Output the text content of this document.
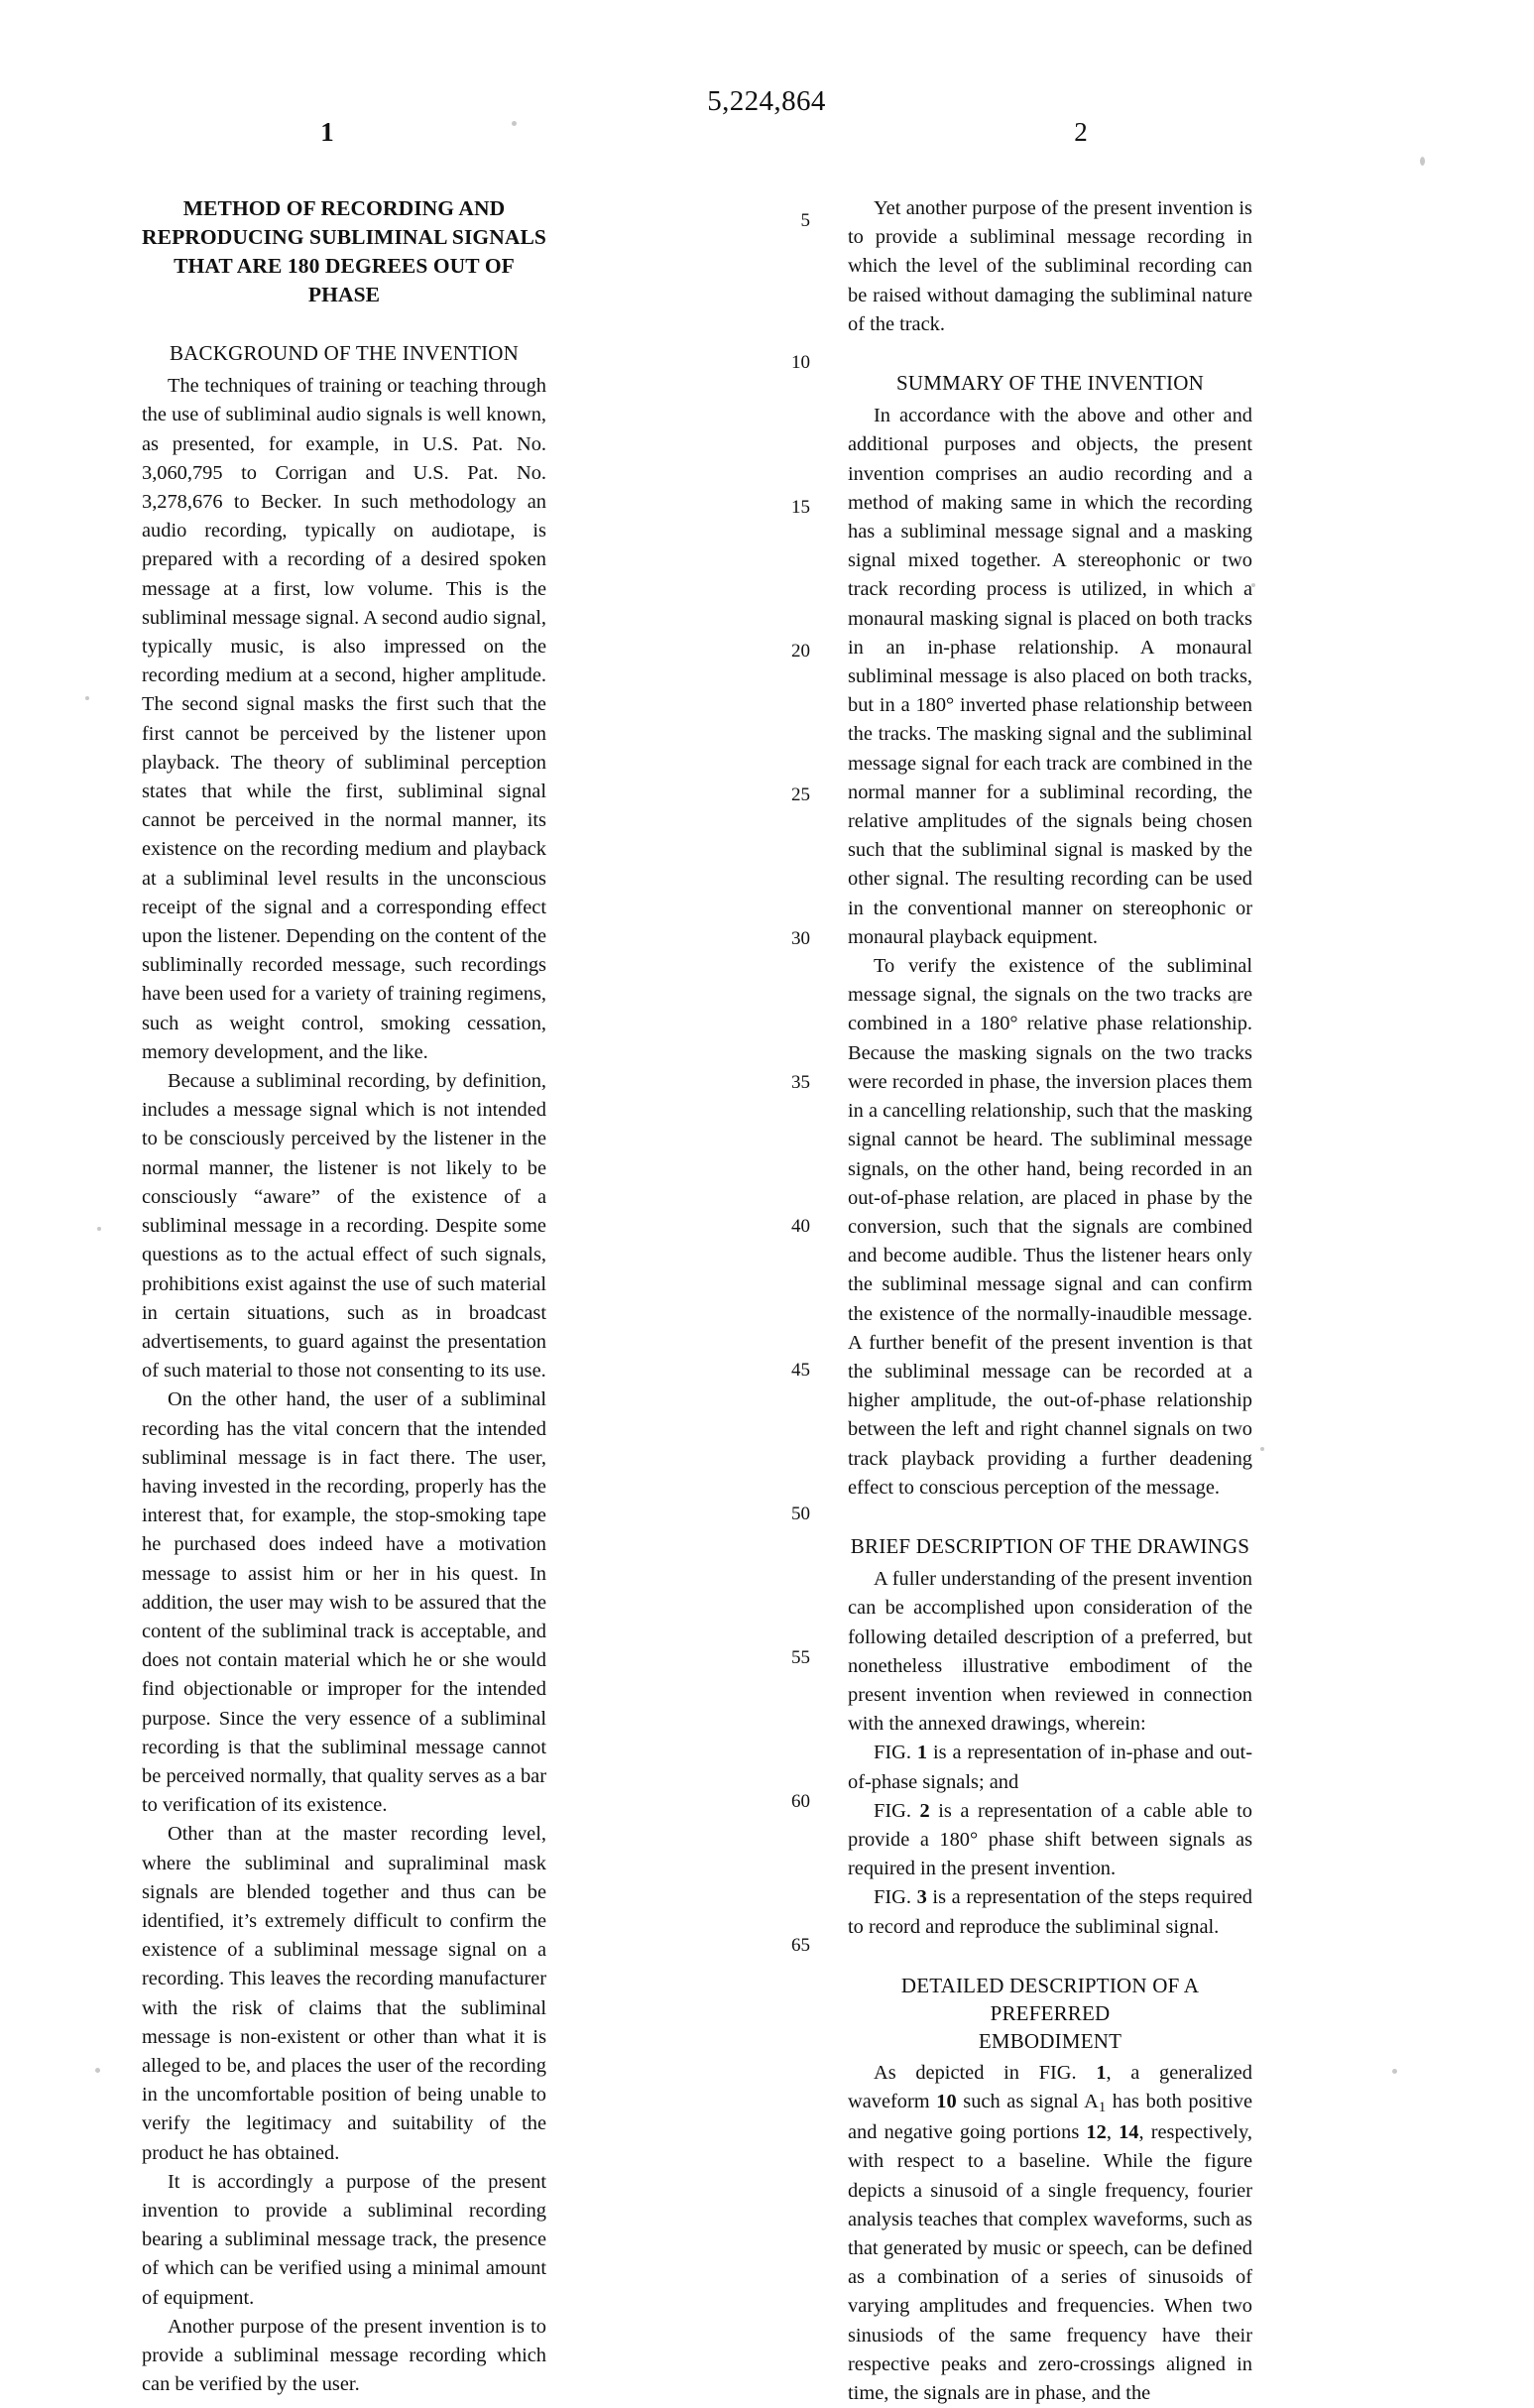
1
5,224,864
2
5
10
15
20
25
30
35
40
45
50
55
60
65
METHOD OF RECORDING AND REPRODUCING SUBLIMINAL SIGNALS THAT ARE 180 DEGREES OUT OF PHASE
BACKGROUND OF THE INVENTION

The techniques of training or teaching through the use of subliminal audio signals is well known, as presented, for example, in U.S. Pat. No. 3,060,795 to Corrigan and U.S. Pat. No. 3,278,676 to Becker. In such methodology an audio recording, typically on audiotape, is prepared with a recording of a desired spoken message at a first, low volume. This is the subliminal message signal. A second audio signal, typically music, is also impressed on the recording medium at a second, higher amplitude. The second signal masks the first such that the first cannot be perceived by the listener upon playback. The theory of subliminal perception states that while the first, subliminal signal cannot be perceived in the normal manner, its existence on the recording medium and playback at a subliminal level results in the unconscious receipt of the signal and a corresponding effect upon the listener. Depending on the content of the subliminally recorded message, such recordings have been used for a variety of training regimens, such as weight control, smoking cessation, memory development, and the like.

Because a subliminal recording, by definition, includes a message signal which is not intended to be consciously perceived by the listener in the normal manner, the listener is not likely to be consciously “aware” of the existence of a subliminal message in a recording. Despite some questions as to the actual effect of such signals, prohibitions exist against the use of such material in certain situations, such as in broadcast advertisements, to guard against the presentation of such material to those not consenting to its use.

On the other hand, the user of a subliminal recording has the vital concern that the intended subliminal message is in fact there. The user, having invested in the recording, properly has the interest that, for example, the stop-smoking tape he purchased does indeed have a motivation message to assist him or her in his quest. In addition, the user may wish to be assured that the content of the subliminal track is acceptable, and does not contain material which he or she would find objectionable or improper for the intended purpose. Since the very essence of a subliminal recording is that the subliminal message cannot be perceived normally, that quality serves as a bar to verification of its existence.

Other than at the master recording level, where the subliminal and supraliminal mask signals are blended together and thus can be identified, it’s extremely difficult to confirm the existence of a subliminal message signal on a recording. This leaves the recording manufacturer with the risk of claims that the subliminal message is non-existent or other than what it is alleged to be, and places the user of the recording in the uncomfortable position of being unable to verify the legitimacy and suitability of the product he has obtained.

It is accordingly a purpose of the present invention to provide a subliminal recording bearing a subliminal message track, the presence of which can be verified using a minimal amount of equipment.

Another purpose of the present invention is to provide a subliminal message recording which can be verified by the user.

Yet another purpose of the present invention is to provide a subliminal message recording in which the level of the subliminal recording can be raised without damaging the subliminal nature of the track.

SUMMARY OF THE INVENTION

In accordance with the above and other and additional purposes and objects, the present invention comprises an audio recording and a method of making same in which the recording has a subliminal message signal and a masking signal mixed together. A stereophonic or two track recording process is utilized, in which a monaural masking signal is placed on both tracks in an in-phase relationship. A monaural subliminal message is also placed on both tracks, but in a 180° inverted phase relationship between the tracks. The masking signal and the subliminal message signal for each track are combined in the normal manner for a subliminal recording, the relative amplitudes of the signals being chosen such that the subliminal signal is masked by the other signal. The resulting recording can be used in the conventional manner on stereophonic or monaural playback equipment.

To verify the existence of the subliminal message signal, the signals on the two tracks are combined in a 180° relative phase relationship. Because the masking signals on the two tracks were recorded in phase, the inversion places them in a cancelling relationship, such that the masking signal cannot be heard. The subliminal message signals, on the other hand, being recorded in an out-of-phase relation, are placed in phase by the conversion, such that the signals are combined and become audible. Thus the listener hears only the subliminal message signal and can confirm the existence of the normally-inaudible message. A further benefit of the present invention is that the subliminal message can be recorded at a higher amplitude, the out-of-phase relationship between the left and right channel signals on two track playback providing a further deadening effect to conscious perception of the message.

BRIEF DESCRIPTION OF THE DRAWINGS

A fuller understanding of the present invention can be accomplished upon consideration of the following detailed description of a preferred, but nonetheless illustrative embodiment of the present invention when reviewed in connection with the annexed drawings, wherein:

FIG. 1 is a representation of in-phase and out-of-phase signals; and

FIG. 2 is a representation of a cable able to provide a 180° phase shift between signals as required in the present invention.

FIG. 3 is a representation of the steps required to record and reproduce the subliminal signal.

DETAILED DESCRIPTION OF A PREFERRED
EMBODIMENT

As depicted in FIG. 1, a generalized waveform 10 such as signal $A_1$ has both positive and negative going portions 12, 14, respectively, with respect to a baseline. While the figure depicts a sinusoid of a single frequency, fourier analysis teaches that complex waveforms, such as that generated by music or speech, can be defined as a combination of a series of sinusoids of varying amplitudes and frequencies. When two sinusiods of the same frequency have their respective peaks and zero-crossings aligned in time, the signals are in phase, and the
